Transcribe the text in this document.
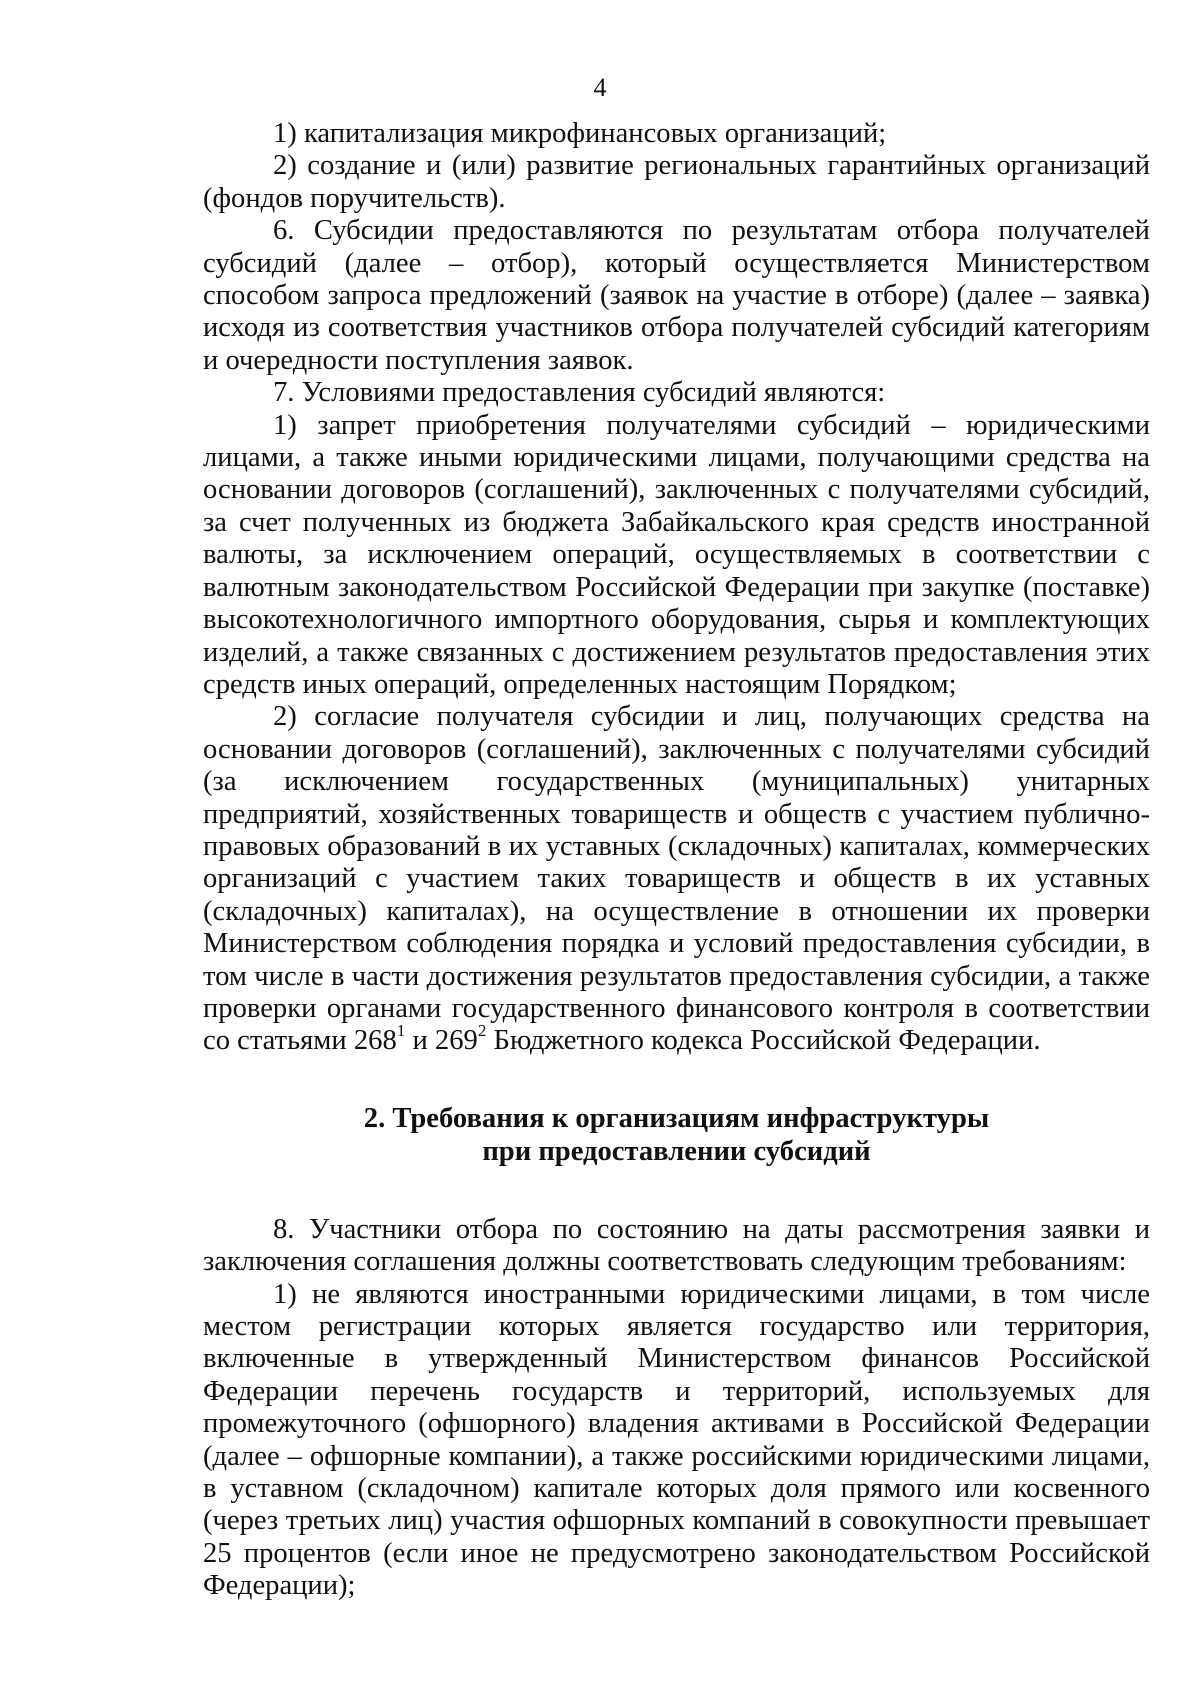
4

1) капитализация микрофинансовых организаций;

2) создание и (или) развитие региональных гарантийных организаций (фондов поручительств).

6. Субсидии предоставляются по результатам отбора получателей субсидий (далее – отбор), который осуществляется Министерством способом запроса предложений (заявок на участие в отборе) (далее – заявка) исходя из соответствия участников отбора получателей субсидий категориям и очередности поступления заявок.

7. Условиями предоставления субсидий являются:

1) запрет приобретения получателями субсидий – юридическими лицами, а также иными юридическими лицами, получающими средства на основании договоров (соглашений), заключенных с получателями субсидий, за счет полученных из бюджета Забайкальского края средств иностранной валюты, за исключением операций, осуществляемых в соответствии с валютным законодательством Российской Федерации при закупке (поставке) высокотехнологичного импортного оборудования, сырья и комплектующих изделий, а также связанных с достижением результатов предоставления этих средств иных операций, определенных настоящим Порядком;

2) согласие получателя субсидии и лиц, получающих средства на основании договоров (соглашений), заключенных с получателями субсидий (за исключением государственных (муниципальных) унитарных предприятий, хозяйственных товариществ и обществ с участием публично-правовых образований в их уставных (складочных) капиталах, коммерческих организаций с участием таких товариществ и обществ в их уставных (складочных) капиталах), на осуществление в отношении их проверки Министерством соблюдения порядка и условий предоставления субсидии, в том числе в части достижения результатов предоставления субсидии, а также проверки органами государственного финансового контроля в соответствии со статьями $268^1$ и $269^2$ Бюджетного кодекса Российской Федерации.

2. Требования к организациям инфраструктуры
при предоставлении субсидий

8. Участники отбора по состоянию на даты рассмотрения заявки и заключения соглашения должны соответствовать следующим требованиям:

1) не являются иностранными юридическими лицами, в том числе местом регистрации которых является государство или территория, включенные в утвержденный Министерством финансов Российской Федерации перечень государств и территорий, используемых для промежуточного (офшорного) владения активами в Российской Федерации (далее – офшорные компании), а также российскими юридическими лицами, в уставном (складочном) капитале которых доля прямого или косвенного (через третьих лиц) участия офшорных компаний в совокупности превышает 25 процентов (если иное не предусмотрено законодательством Российской Федерации);
